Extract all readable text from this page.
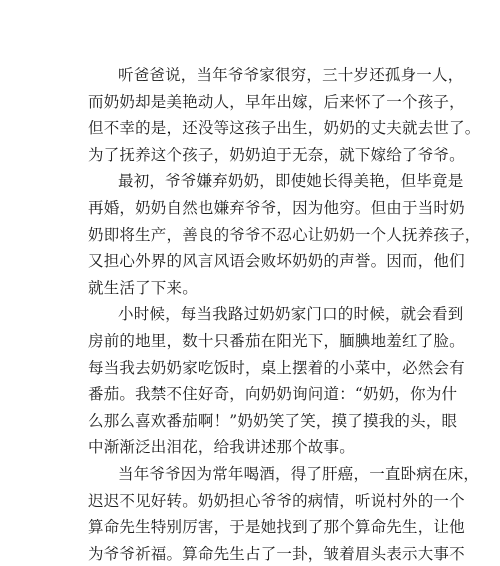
听爸爸说，当年爷爷家很穷，三十岁还孤身一人，
而奶奶却是美艳动人，早年出嫁，后来怀了一个孩子，
但不幸的是，还没等这孩子出生，奶奶的丈夫就去世了。
为了抚养这个孩子，奶奶迫于无奈，就下嫁给了爷爷。
最初，爷爷嫌弃奶奶，即使她长得美艳，但毕竟是
再婚，奶奶自然也嫌弃爷爷，因为他穷。但由于当时奶
奶即将生产，善良的爷爷不忍心让奶奶一个人抚养孩子，
又担心外界的风言风语会败坏奶奶的声誉。因而，他们
就生活了下来。
小时候，每当我路过奶奶家门口的时候，就会看到
房前的地里，数十只番茄在阳光下，腼腆地羞红了脸。
每当我去奶奶家吃饭时，桌上摆着的小菜中，必然会有
番茄。我禁不住好奇，向奶奶询问道：“奶奶，你为什
么那么喜欢番茄啊！”奶奶笑了笑，摸了摸我的头，眼
中渐渐泛出泪花，给我讲述那个故事。
当年爷爷因为常年喝酒，得了肝癌，一直卧病在床，
迟迟不见好转。奶奶担心爷爷的病情，听说村外的一个
算命先生特别厉害，于是她找到了那个算命先生，让他
为爷爷祈福。算命先生占了一卦，皱着眉头表示大事不
